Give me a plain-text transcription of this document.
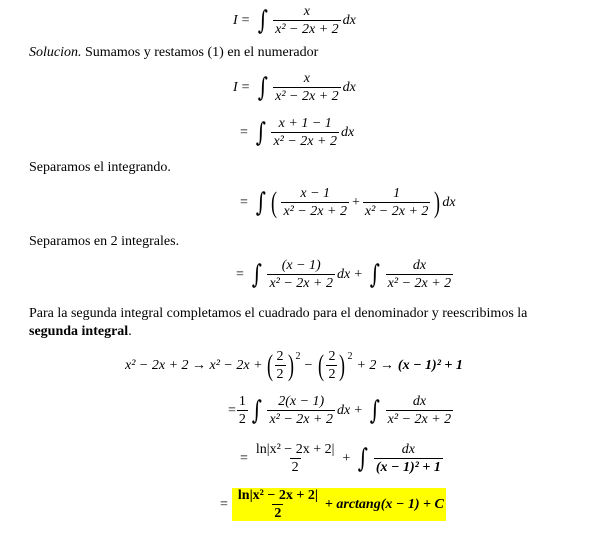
I = ∫ $\frac{x}{\text{x² − 2x + 2}}$ dx
Solucion. Sumamos y restamos (1) en el numerador
I = ∫ $\frac{x}{\text{x² − 2x + 2}}$ dx
= ∫ $\frac{x + 1 - 1}{\text{x² − 2x + 2}}$ dx
Separamos el integrando.
= ∫ ( $\frac{x - 1}{\text{x² − 2x + 2}} + \frac{1}{\text{x² − 2x + 2}}$ ) dx
Separamos en 2 integrales.
= ∫ $\frac{(x - 1)}{\text{x² − 2x + 2}}$ dx + ∫ $\frac{dx}{\text{x² − 2x + 2}}$
Para la segunda integral completamos el cuadrado para el denominador y reescribimos la
segunda integral.
x² − 2x + 2 → x² − 2x + ( $\frac{2}{2} )^2$
− ( $\frac{2}{2} )^2$
+ 2 → (x − 1)² + 1
= $\frac{1}{2}$ ∫ $\frac{2(x - 1)}{\text{x² − 2x + 2}}$ dx + ∫ $\frac{dx}{\text{x² − 2x + 2}}$
= $\frac{\text{ln|x² − 2x + 2|}}{2}$ + ∫ $\frac{dx}{\text{(x − 1)² + 1}}$
= $\frac{\text{ln|x² − 2x + 2|}}{2} + \arctan g(x - 1) + C$
